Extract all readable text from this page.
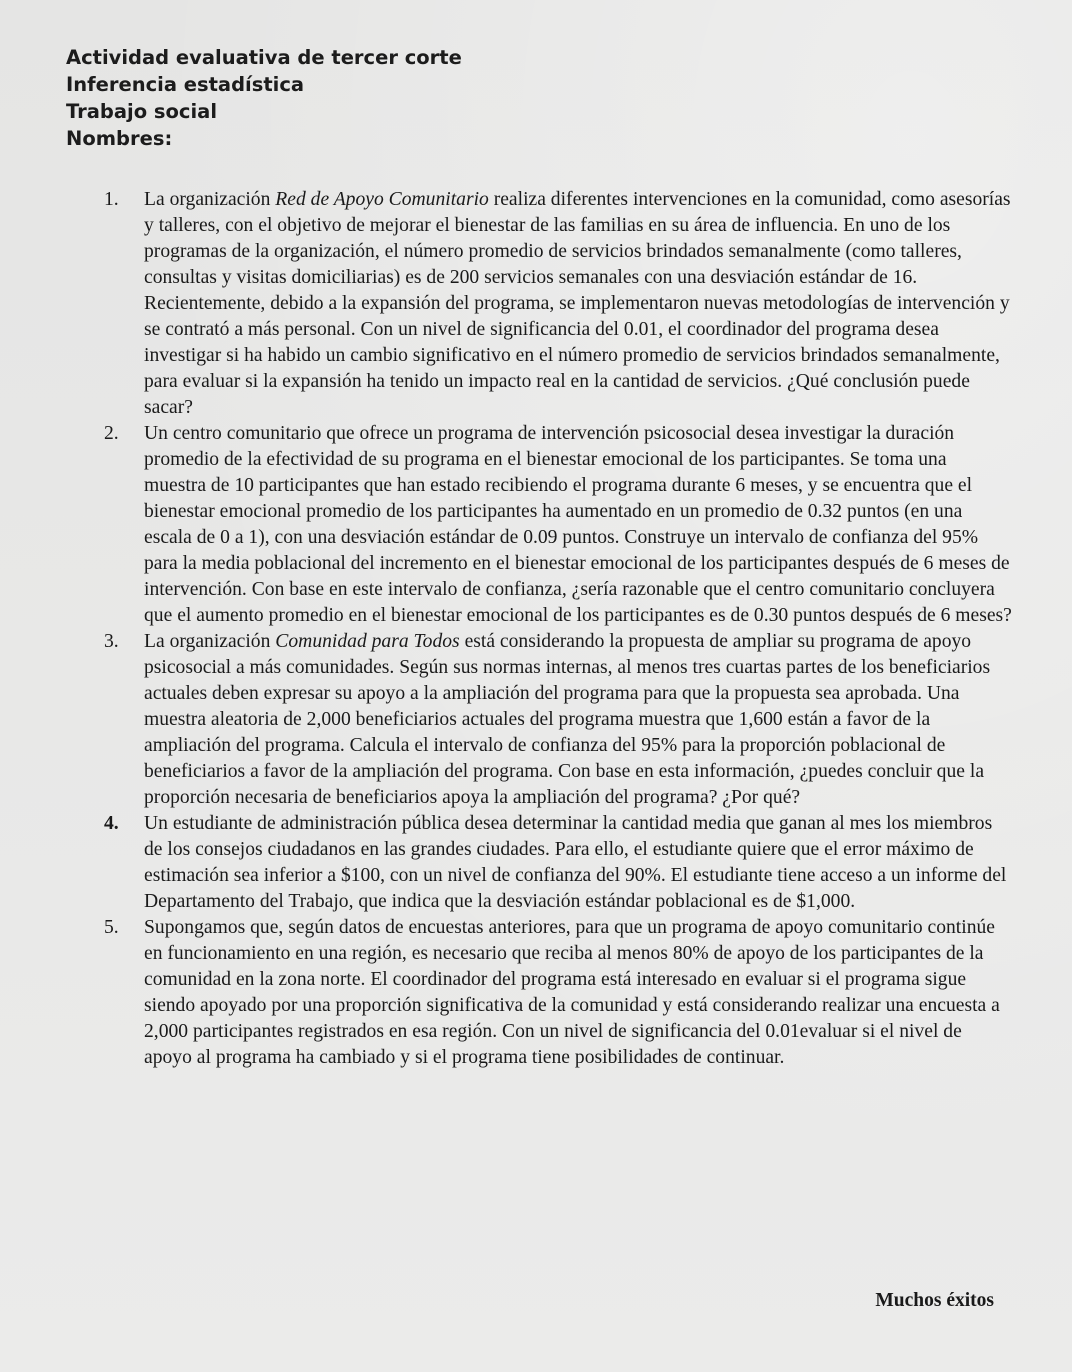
Actividad evaluativa de tercer corte
Inferencia estadística
Trabajo social
Nombres:
1. La organización Red de Apoyo Comunitario realiza diferentes intervenciones en la comunidad, como asesorías y talleres, con el objetivo de mejorar el bienestar de las familias en su área de influencia. En uno de los programas de la organización, el número promedio de servicios brindados semanalmente (como talleres, consultas y visitas domiciliarias) es de 200 servicios semanales con una desviación estándar de 16. Recientemente, debido a la expansión del programa, se implementaron nuevas metodologías de intervención y se contrató a más personal. Con un nivel de significancia del 0.01, el coordinador del programa desea investigar si ha habido un cambio significativo en el número promedio de servicios brindados semanalmente, para evaluar si la expansión ha tenido un impacto real en la cantidad de servicios. ¿Qué conclusión puede sacar?
2. Un centro comunitario que ofrece un programa de intervención psicosocial desea investigar la duración promedio de la efectividad de su programa en el bienestar emocional de los participantes. Se toma una muestra de 10 participantes que han estado recibiendo el programa durante 6 meses, y se encuentra que el bienestar emocional promedio de los participantes ha aumentado en un promedio de 0.32 puntos (en una escala de 0 a 1), con una desviación estándar de 0.09 puntos. Construye un intervalo de confianza del 95% para la media poblacional del incremento en el bienestar emocional de los participantes después de 6 meses de intervención. Con base en este intervalo de confianza, ¿sería razonable que el centro comunitario concluyera que el aumento promedio en el bienestar emocional de los participantes es de 0.30 puntos después de 6 meses?
3. La organización Comunidad para Todos está considerando la propuesta de ampliar su programa de apoyo psicosocial a más comunidades. Según sus normas internas, al menos tres cuartas partes de los beneficiarios actuales deben expresar su apoyo a la ampliación del programa para que la propuesta sea aprobada. Una muestra aleatoria de 2,000 beneficiarios actuales del programa muestra que 1,600 están a favor de la ampliación del programa. Calcula el intervalo de confianza del 95% para la proporción poblacional de beneficiarios a favor de la ampliación del programa. Con base en esta información, ¿puedes concluir que la proporción necesaria de beneficiarios apoya la ampliación del programa? ¿Por qué?
4. Un estudiante de administración pública desea determinar la cantidad media que ganan al mes los miembros de los consejos ciudadanos en las grandes ciudades. Para ello, el estudiante quiere que el error máximo de estimación sea inferior a $100, con un nivel de confianza del 90%. El estudiante tiene acceso a un informe del Departamento del Trabajo, que indica que la desviación estándar poblacional es de $1,000.
5. Supongamos que, según datos de encuestas anteriores, para que un programa de apoyo comunitario continúe en funcionamiento en una región, es necesario que reciba al menos 80% de apoyo de los participantes de la comunidad en la zona norte. El coordinador del programa está interesado en evaluar si el programa sigue siendo apoyado por una proporción significativa de la comunidad y está considerando realizar una encuesta a 2,000 participantes registrados en esa región. Con un nivel de significancia del 0.01evaluar si el nivel de apoyo al programa ha cambiado y si el programa tiene posibilidades de continuar.
Muchos éxitos
